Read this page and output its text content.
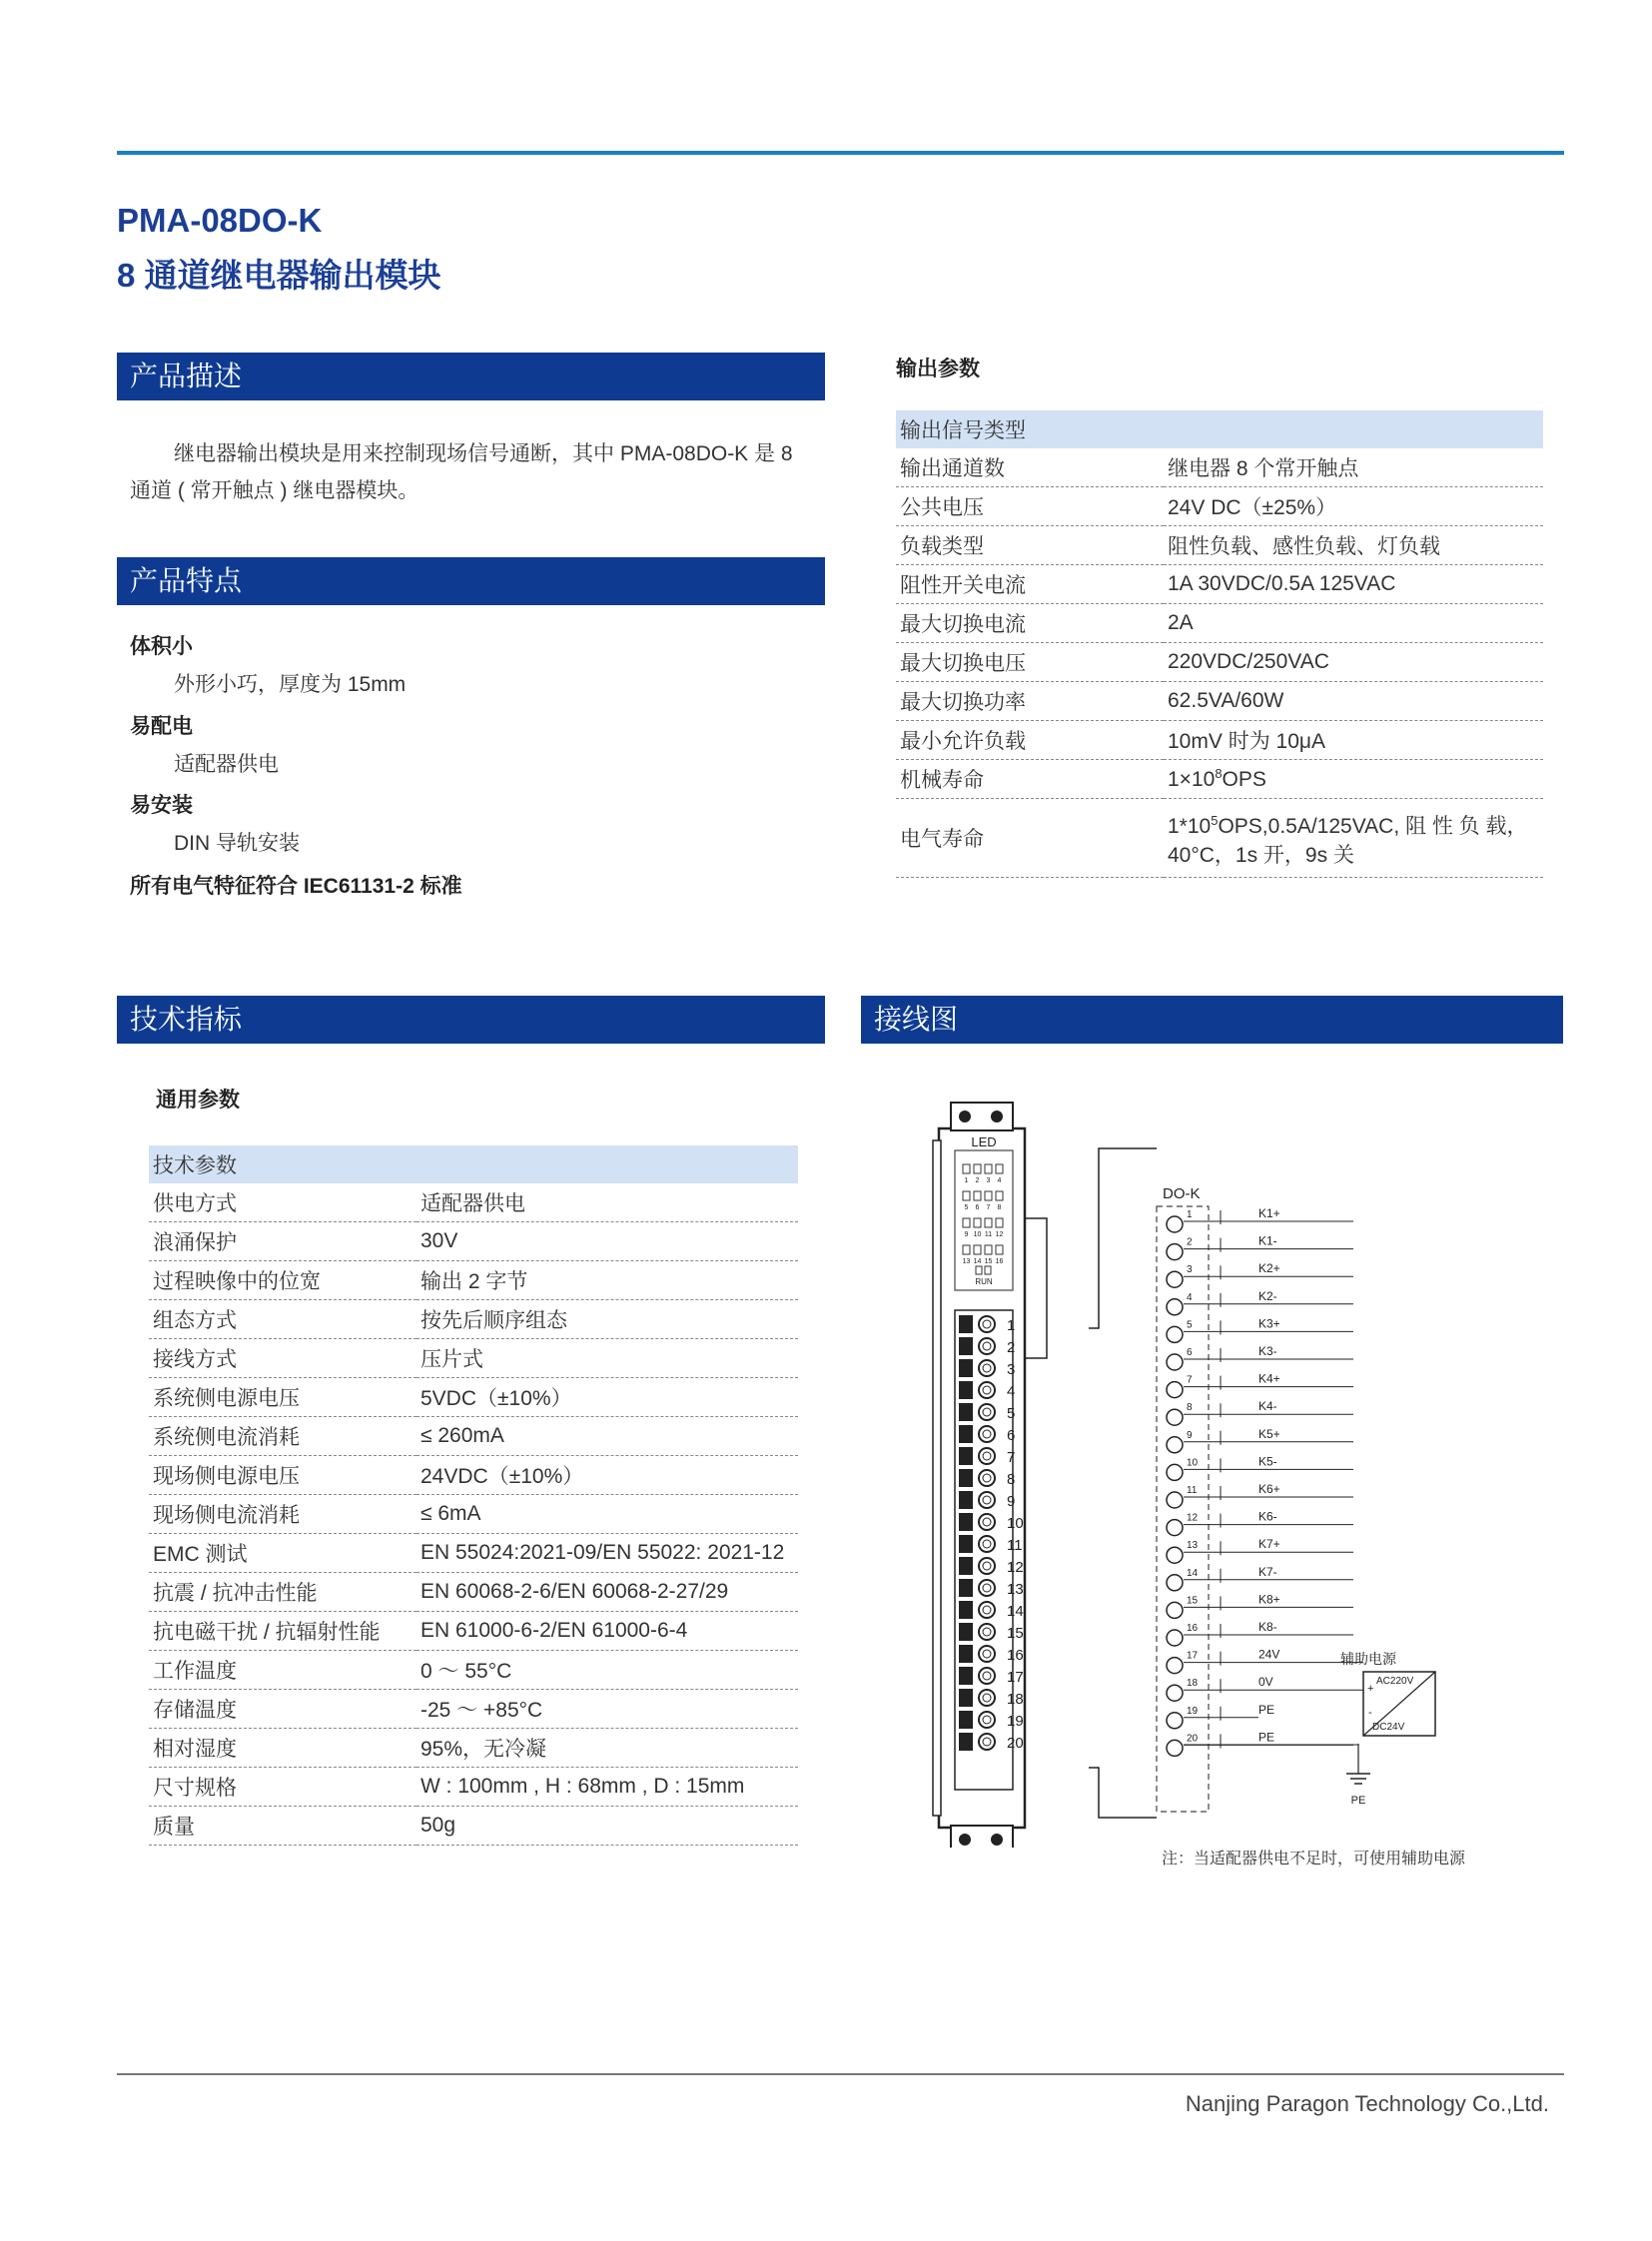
PMA-08DO-K
8 通道继电器输出模块
产品描述
继电器输出模块是用来控制现场信号通断，其中 PMA-08DO-K 是 8
通道 ( 常开触点 ) 继电器模块。
产品特点
体积小
外形小巧，厚度为 15mm
易配电
适配器供电
易安装
DIN 导轨安装
所有电气特征符合 IEC61131-2 标准
输出参数
输出信号类型	
输出通道数	继电器 8 个常开触点
公共电压	24V DC（±25%）
负载类型	阻性负载、感性负载、灯负载
阻性开关电流	1A 30VDC/0.5A 125VAC
最大切换电流	2A
最大切换电压	220VDC/250VAC
最大切换功率	62.5VA/60W
最小允许负载	10mV 时为 10μA
机械寿命	$1\times 10^8OPS$
电气寿命	$1*10^5OPS,0.5A/125VAC$, 阻 性 负 载，
40°C，1s 开，9s 关
技术指标
通用参数
技术参数	
供电方式	适配器供电
浪涌保护	30V
过程映像中的位宽	输出 2 字节
组态方式	按先后顺序组态
接线方式	压片式
系统侧电源电压	5VDC（±10%）
系统侧电流消耗	≤ 260mA
现场侧电源电压	24VDC（±10%）
现场侧电流消耗	≤ 6mA
EMC 测试	EN 55024:2021-09/EN 55022: 2021-12
抗震 / 抗冲击性能	EN 60068-2-6/EN 60068-2-27/29
抗电磁干扰 / 抗辐射性能	EN 61000-6-2/EN 61000-6-4
工作温度	0 ～ 55°C
存储温度	-25 ～ +85°C
相对湿度	95%，无冷凝
尺寸规格	W : 100mm , H : 68mm , D : 15mm
质量	50g
接线图
LED
1 2 3 4
5 6 7 8
9 10 11 12
13 14 15 16
RUN
1
2
3
4
5
6
7
8
9
10
11
12
13
14
15
16
17
18
19
20
DO-K
1	K1+
2	K1-
3	K2+
4	K2-
5	K3+
6	K3-
7	K4+
8	K4-
9	K5+
10	K5-
11	K6+
12	K6-
13	K7+
14	K7-
15	K8+
16	K8-
17	24V
18	0V
19	PE
20	PE
辅助电源
AC220V
DC24V
+
-
PE
注：当适配器供电不足时，可使用辅助电源
Nanjing Paragon Technology Co.,Ltd.
